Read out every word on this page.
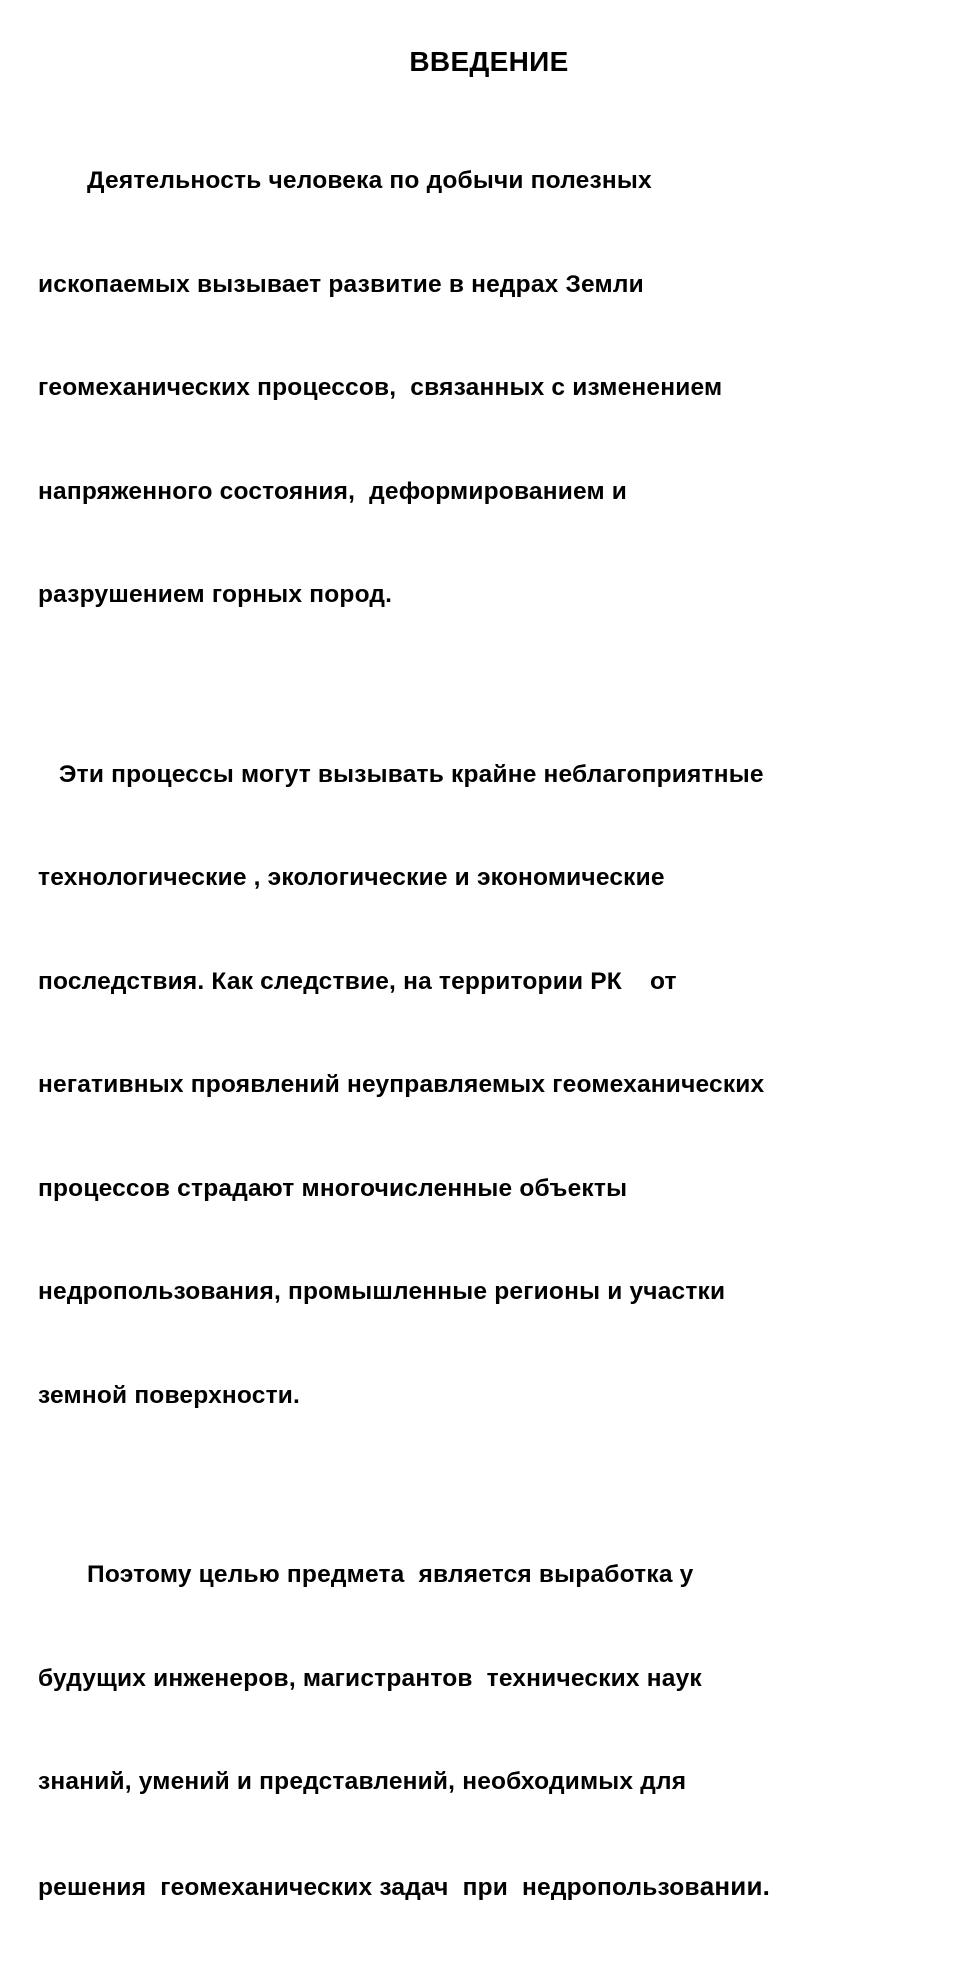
ВВЕДЕНИЕ

Деятельность человека по добычи полезных

ископаемых вызывает развитие в недрах Земли

геомеханических процессов,  связанных с изменением

напряженного состояния,  деформированием и

разрушением горных пород.

Эти процессы могут вызывать крайне неблагоприятные

технологические , экологические и экономические

последствия. Как следствие, на территории РК    от

негативных проявлений неуправляемых геомеханических

процессов страдают многочисленные объекты

недропользования, промышленные регионы и участки

земной поверхности.

Поэтому целью предмета  является выработка у

будущих инженеров, магистрантов  технических наук

знаний, умений и представлений, необходимых для

решения  геомеханических задач  при  недропользовании.
